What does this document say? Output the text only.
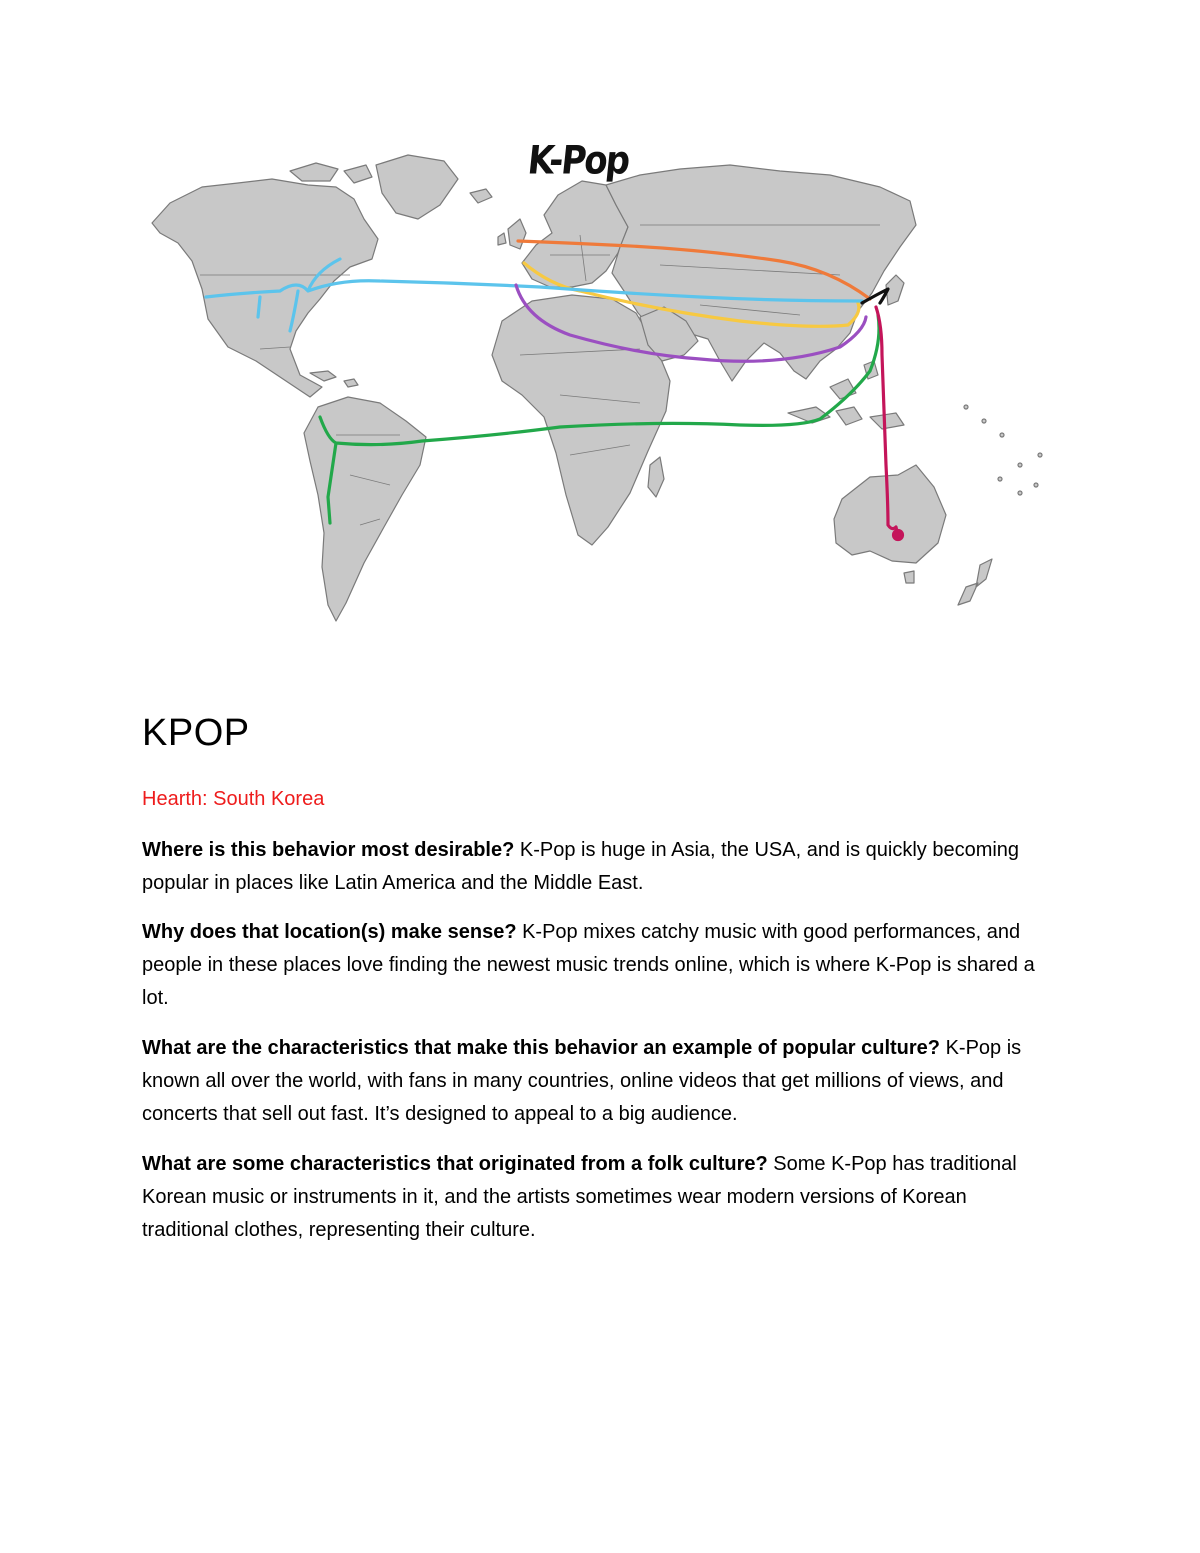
K-Pop
KPOP

Hearth: South Korea

Where is this behavior most desirable? K-Pop is huge in Asia, the USA, and is quickly becoming popular in places like Latin America and the Middle East.

Why does that location(s) make sense? K-Pop mixes catchy music with good performances, and people in these places love finding the newest music trends online, which is where K-Pop is shared a lot.

What are the characteristics that make this behavior an example of popular culture? K-Pop is known all over the world, with fans in many countries, online videos that get millions of views, and concerts that sell out fast. It’s designed to appeal to a big audience.

What are some characteristics that originated from a folk culture? Some K-Pop has traditional Korean music or instruments in it, and the artists sometimes wear modern versions of Korean traditional clothes, representing their culture.
